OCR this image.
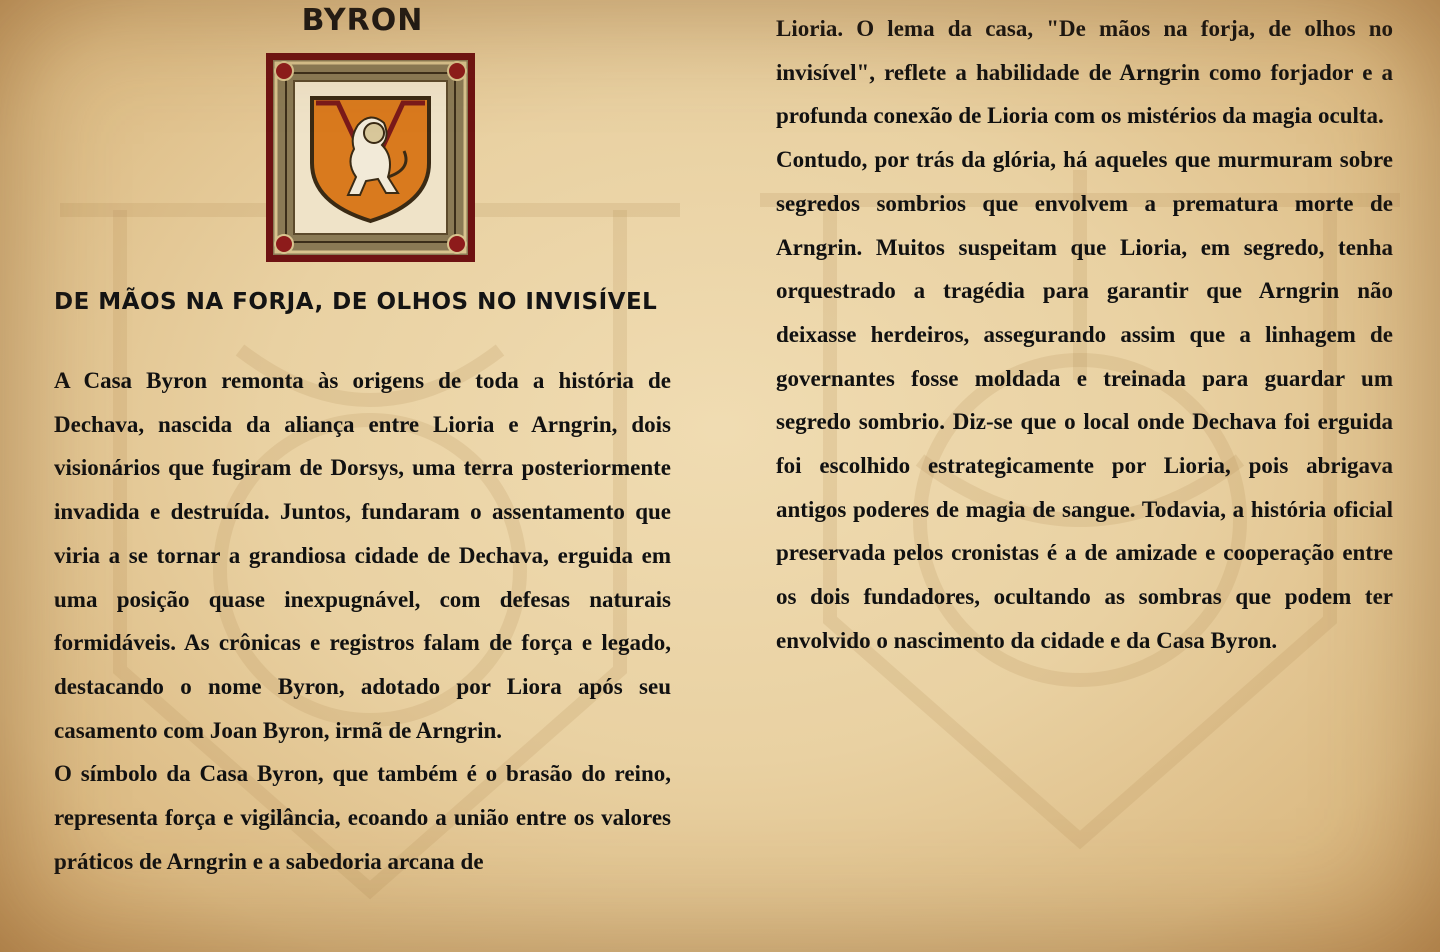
BYRON
DE MÃOS NA FORJA, DE OLHOS NO INVISÍVEL

A Casa Byron remonta às origens de toda a história de Dechava, nascida da aliança entre Lioria e Arngrin, dois visionários que fugiram de Dorsys, uma terra posteriormente invadida e destruída. Juntos, fundaram o assentamento que viria a se tornar a grandiosa cidade de Dechava, erguida em uma posição quase inexpugnável, com defesas naturais formidáveis. As crônicas e registros falam de força e legado, destacando o nome Byron, adotado por Liora após seu casamento com Joan Byron, irmã de Arngrin.

O símbolo da Casa Byron, que também é o brasão do reino, representa força e vigilância, ecoando a união entre os valores práticos de Arngrin e a sabedoria arcana de

Lioria. O lema da casa, "De mãos na forja, de olhos no invisível", reflete a habilidade de Arngrin como forjador e a profunda conexão de Lioria com os mistérios da magia oculta.

Contudo, por trás da glória, há aqueles que murmuram sobre segredos sombrios que envolvem a prematura morte de Arngrin. Muitos suspeitam que Lioria, em segredo, tenha orquestrado a tragédia para garantir que Arngrin não deixasse herdeiros, assegurando assim que a linhagem de governantes fosse moldada e treinada para guardar um segredo sombrio. Diz-se que o local onde Dechava foi erguida foi escolhido estrategicamente por Lioria, pois abrigava antigos poderes de magia de sangue. Todavia, a história oficial preservada pelos cronistas é a de amizade e cooperação entre os dois fundadores, ocultando as sombras que podem ter envolvido o nascimento da cidade e da Casa Byron.
